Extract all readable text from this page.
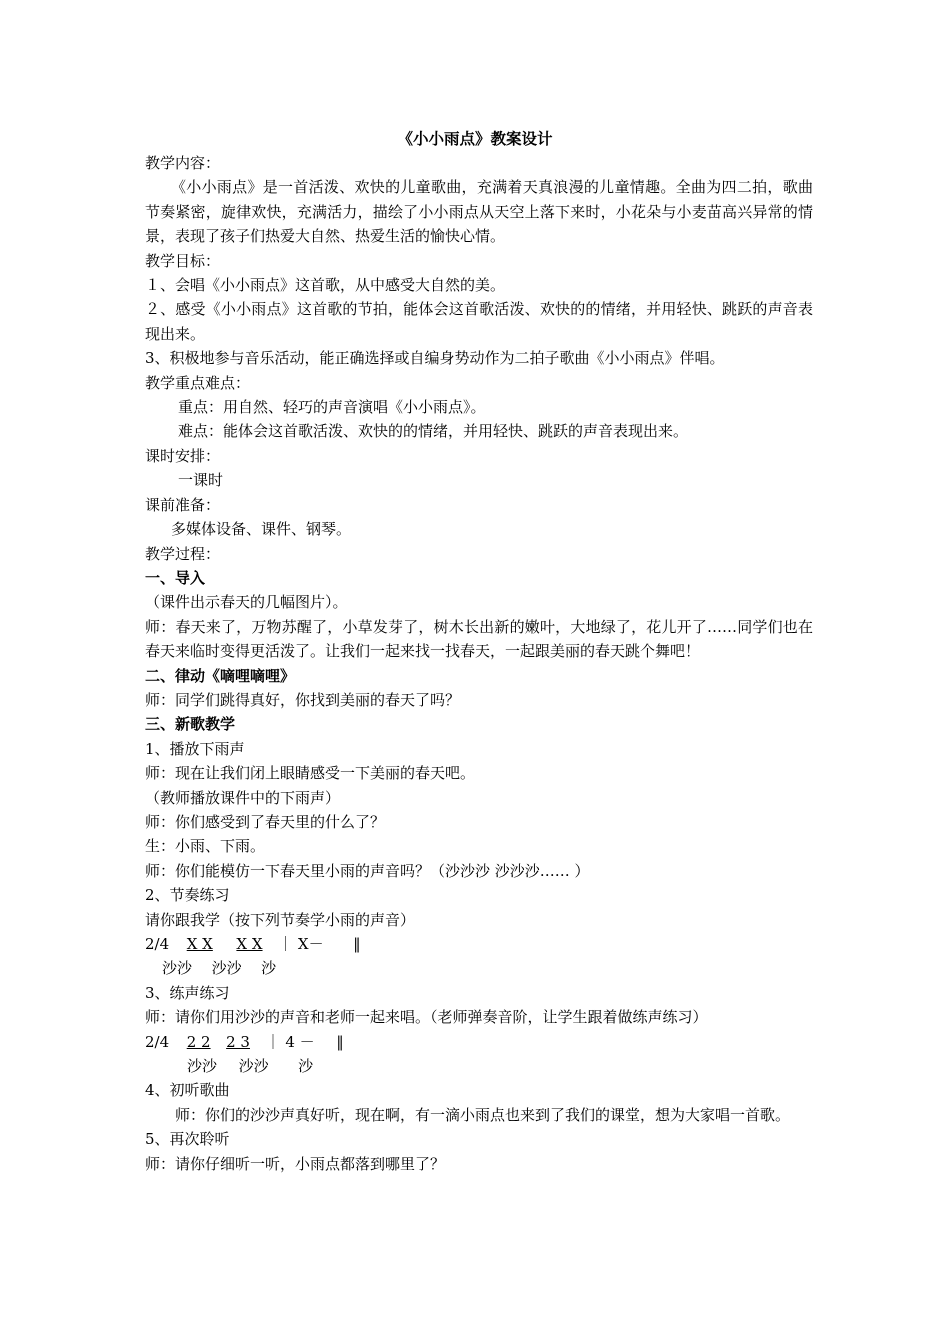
《小小雨点》教案设计
教学内容：
《小小雨点》是一首活泼、欢快的儿童歌曲，充满着天真浪漫的儿童情趣。全曲为四二拍，歌曲节奏紧密，旋律欢快，充满活力，描绘了小小雨点从天空上落下来时，小花朵与小麦苗高兴异常的情景，表现了孩子们热爱大自然、热爱生活的愉快心情。
教学目标：
１、会唱《小小雨点》这首歌，从中感受大自然的美。
２、感受《小小雨点》这首歌的节拍，能体会这首歌活泼、欢快的的情绪，并用轻快、跳跃的声音表现出来。
3、积极地参与音乐活动，能正确选择或自编身势动作为二拍子歌曲《小小雨点》伴唱。
教学重点难点：
重点：用自然、轻巧的声音演唱《小小雨点》。
难点：能体会这首歌活泼、欢快的的情绪，并用轻快、跳跃的声音表现出来。
课时安排：
一课时
课前准备：
多媒体设备、课件、钢琴。
教学过程：
一、导入
（课件出示春天的几幅图片）。
师：春天来了，万物苏醒了，小草发芽了，树木长出新的嫩叶，大地绿了，花儿开了……同学们也在春天来临时变得更活泼了。让我们一起来找一找春天，一起跟美丽的春天跳个舞吧！
二、律动《嘀哩嘀哩》
师：同学们跳得真好，你找到美丽的春天了吗？
三、新歌教学
1、播放下雨声
师：现在让我们闭上眼睛感受一下美丽的春天吧。
（教师播放课件中的下雨声）
师：你们感受到了春天里的什么了？
生：小雨、下雨。
师：你们能模仿一下春天里小雨的声音吗？（沙沙沙 沙沙沙…… ）
2、节奏练习
请你跟我学（按下列节奏学小雨的声音）
2/4 X X X X ｜ X－ ‖
沙沙 沙沙 沙
3、练声练习
师：请你们用沙沙的声音和老师一起来唱。（老师弹奏音阶，让学生跟着做练声练习）
2/4 2 2 2 3 ｜ 4 － ‖
沙沙 沙沙 沙
4、初听歌曲
师：你们的沙沙声真好听，现在啊，有一滴小雨点也来到了我们的课堂，想为大家唱一首歌。
5、再次聆听
师：请你仔细听一听，小雨点都落到哪里了？
